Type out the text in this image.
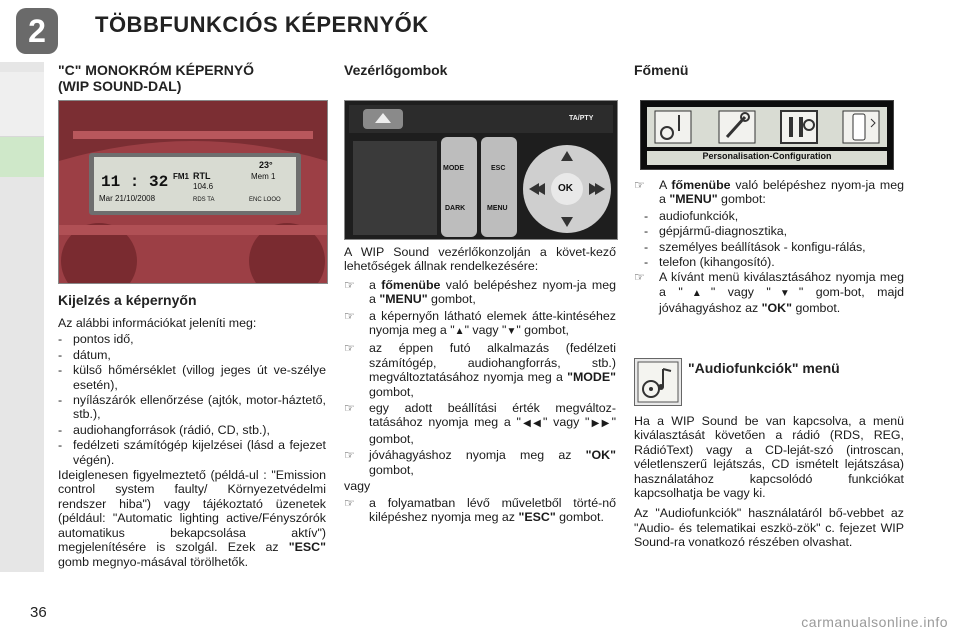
2	TÖBBFUNKCIÓS KÉPERNYŐK
"C" MONOKRÓM KÉPERNYŐ
(WIP SOUND-DAL)
11 : 32
Mar 21/10/2008
FM1 RTL
104.6
23°
Mem 1
RDS TA	ENC LOOO
Kijelzés a képernyőn

Az alábbi információkat jeleníti meg:

- pontos idő,
- dátum,
- külső hőmérséklet (villog jeges út ve-szélye esetén),
- nyílászárók ellenőrzése (ajtók, motor-háztető, stb.),
- audiohangforrások (rádió, CD, stb.),
- fedélzeti számítógép kijelzései (lásd a fejezet végén).

Ideiglenesen figyelmeztető (példá-ul : "Emission control system faulty/ Környezetvédelmi rendszer hiba") vagy tájékoztató üzenetek (például: "Automatic lighting active/Fényszórók automatikus bekapcsolása aktív") megjelenítésére is szolgál. Ezek az "ESC" gomb megnyo-másával törölhetők.

Vezérlőgombok
TA/PTY
MODE
DARK
ESC
MENU
OK

A WIP Sound vezérlőkonzolján a követ-kező lehetőségek állnak rendelkezésére:

☞ a főmenübe való belépéshez nyom-ja meg a "MENU" gombot,
☞ a képernyőn látható elemek átte-kintéséhez nyomja meg a "▲" vagy "▼" gombot,
☞ az éppen futó alkalmazás (fedélzeti számítógép, audiohangforrás, stb.) megváltoztatásához nyomja meg a "MODE" gombot,
☞ egy adott beállítási érték megváltoz-tatásához nyomja meg a "◀◀" vagy "▶▶" gombot,
☞ jóváhagyáshoz nyomja meg az "OK" gombot,

vagy

☞ a folyamatban lévő műveletből törté-nő kilépéshez nyomja meg az "ESC" gombot.
Főmenü
Personalisation-Configuration
☞ A főmenübe való belépéshez nyom-ja meg a "MENU" gombot:
- audiofunkciók,
- gépjármű-diagnosztika,
- személyes beállítások - konfigu-rálás,
- telefon (kihangosító).
☞ A kívánt menü kiválasztásához nyomja meg a "▲" vagy "▼" gom-bot, majd jóváhagyáshoz az "OK" gombot.
"Audiofunkciók" menü

Ha a WIP Sound be van kapcsolva, a menü kiválasztását követően a rádió (RDS, REG, RádióText) vagy a CD-leját-szó (introscan, véletlenszerű lejátszás, CD ismételt lejátszása) használatához kapcsolódó funkciókat kapcsolhatja be vagy ki.

Az "Audiofunkciók" használatáról bő-vebbet az "Audio- és telematikai eszkö-zök" c. fejezet WIP Sound-ra vonatkozó részében olvashat.

36
carmanualsonline.info
